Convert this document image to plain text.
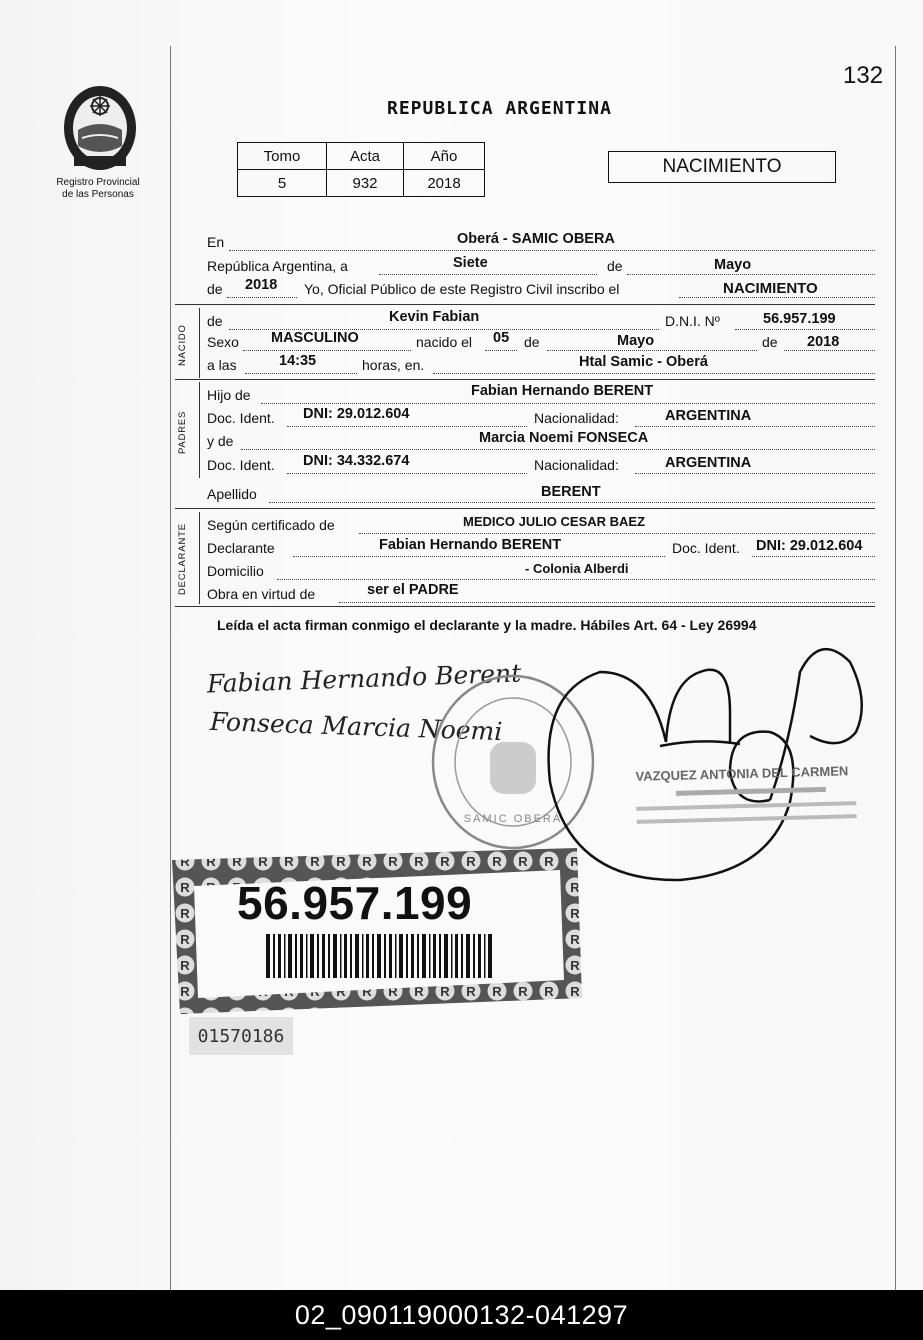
132
Registro Provincial
de las Personas
REPUBLICA ARGENTINA
Tomo	Acta	Año
5	932	2018
NACIMIENTO
En	Oberá - SAMIC OBERA
República Argentina, a	Siete	de	Mayo
de 2018 Yo, Oficial Público de este Registro Civil inscribo el	NACIMIENTO
NACIDO
de	Kevin Fabian	D.N.I. Nº	56.957.199
Sexo MASCULINO	nacido el 05 de	Mayo	de 2018
a las	14:35	horas, en.	Htal Samic - Oberá
PADRES
Hijo de	Fabian Hernando BERENT
Doc. Ident. DNI: 29.012.604	Nacionalidad:	ARGENTINA
y de	Marcia Noemi FONSECA
Doc. Ident. DNI: 34.332.674	Nacionalidad:	ARGENTINA
Apellido	BERENT
DECLARANTE	Según certificado de	MEDICO JULIO CESAR BAEZ
Declarante	Fabian Hernando BERENT	Doc. Ident. DNI: 29.012.604
Domicilio	- Colonia Alberdi
Obra en virtud de	ser el PADRE
Leída el acta firman conmigo el declarante y la madre. Hábiles Art. 64 - Ley 26994
Fabian Hernando Berent
Fonseca Marcia Noemi
SAMIC OBERÁ
VAZQUEZ ANTONIA DEL CARMEN
56.957.199
01570186
02_090119000132-041297
